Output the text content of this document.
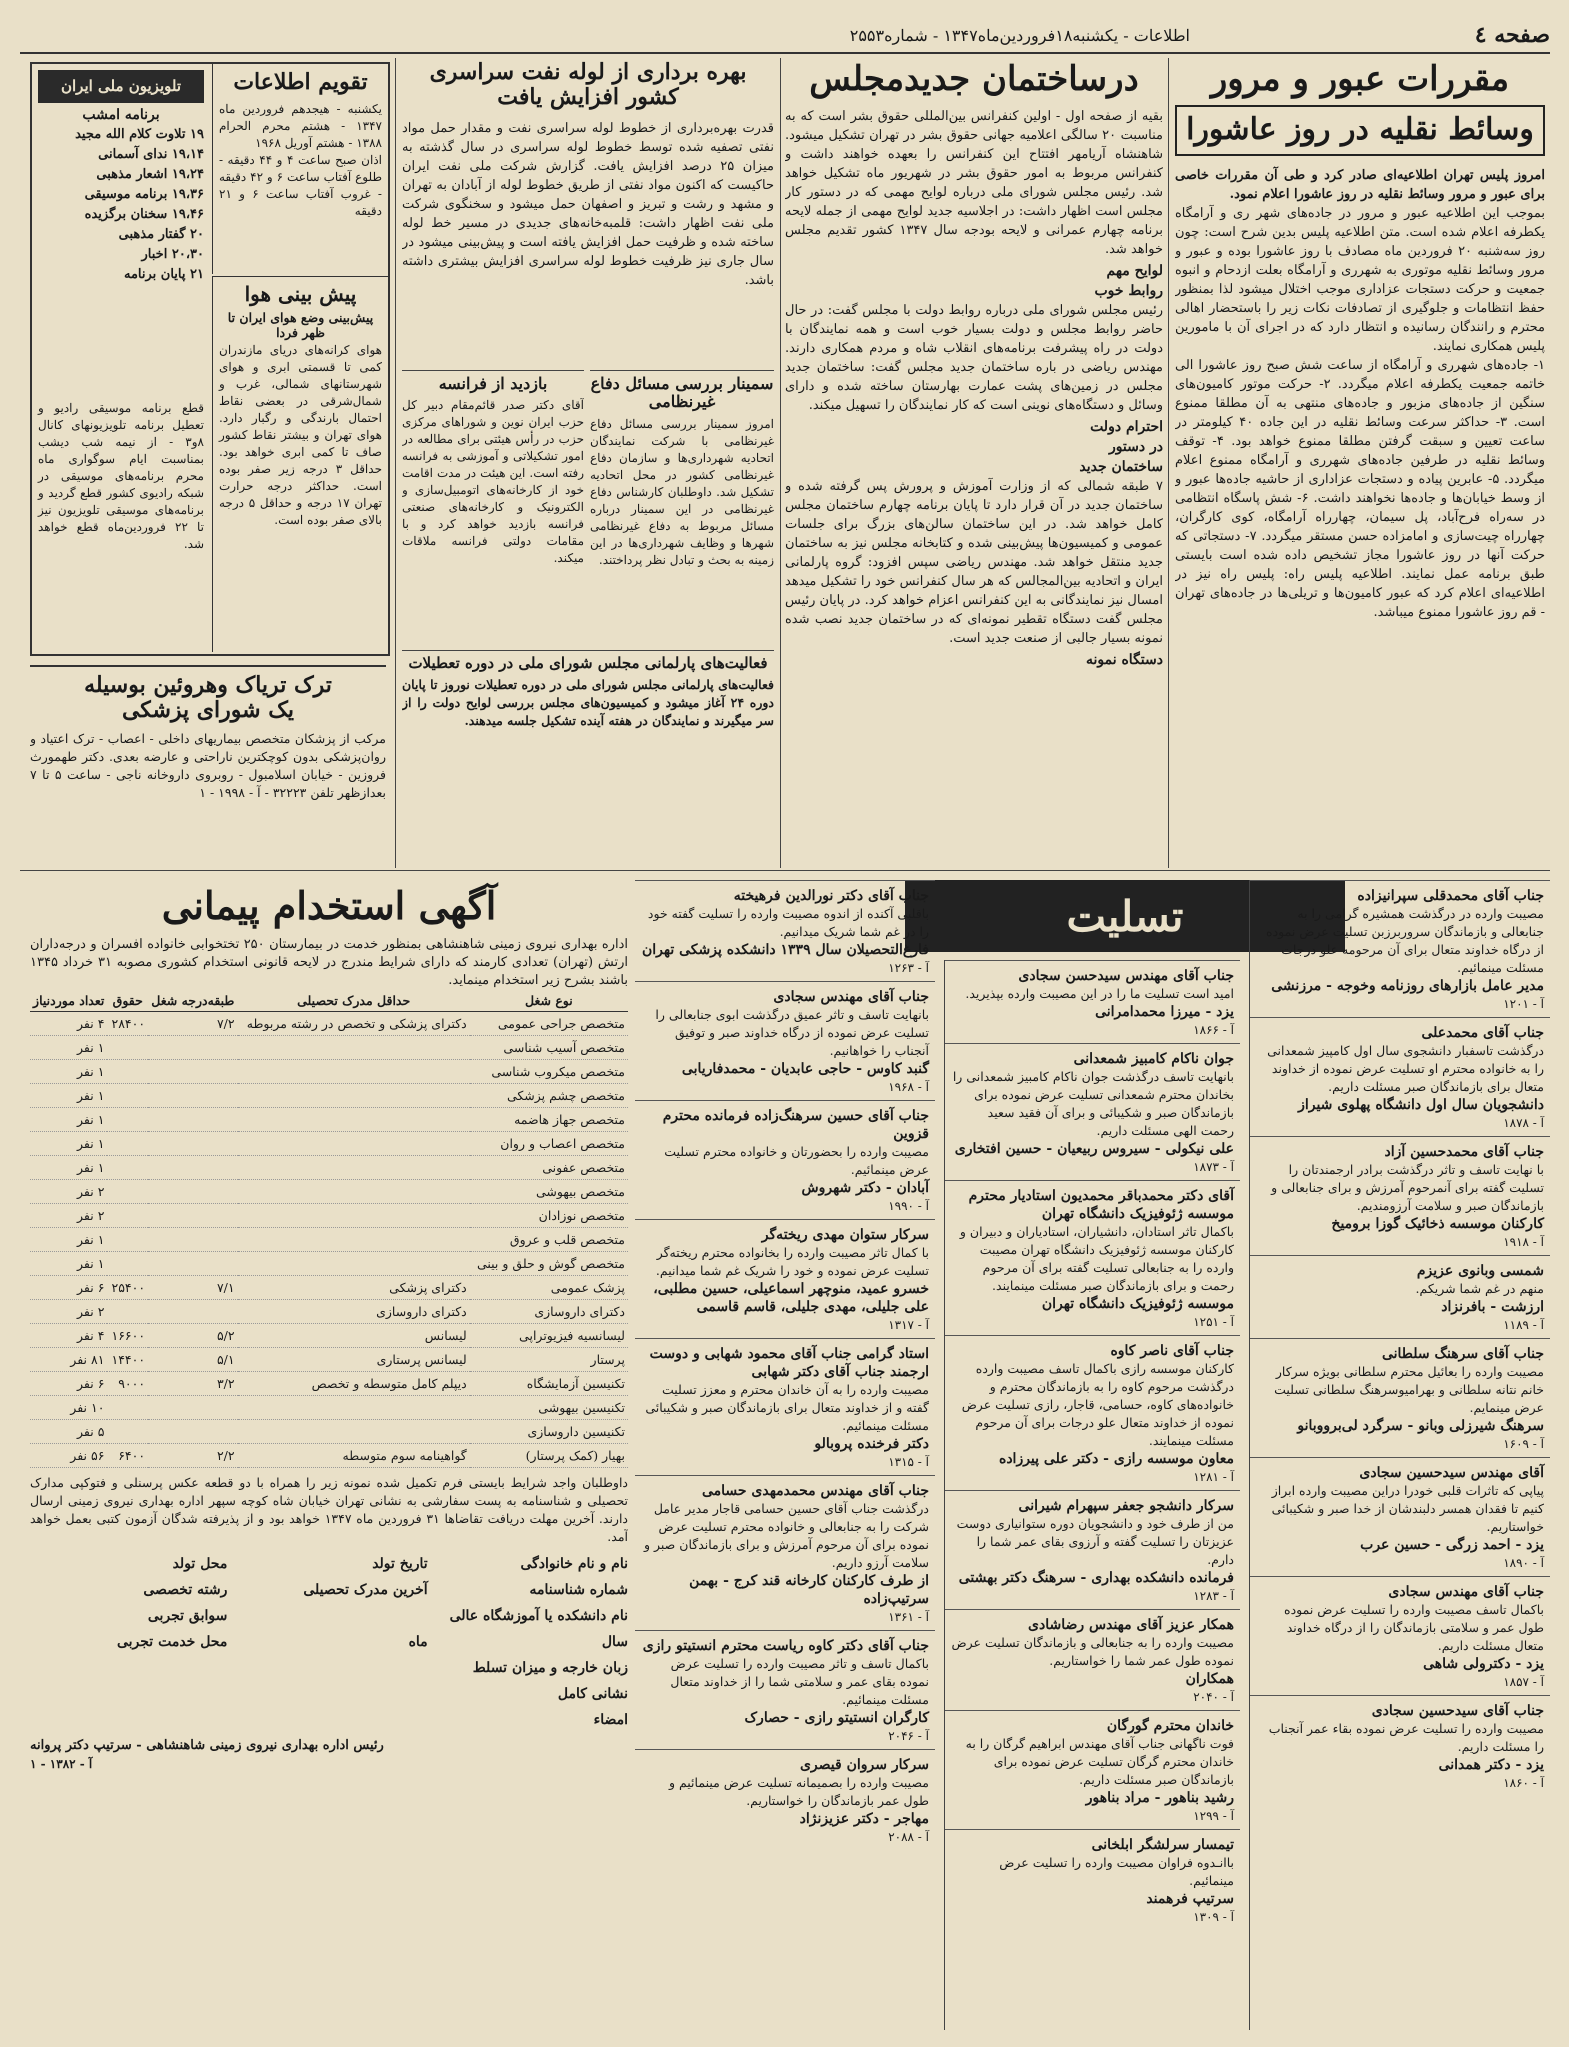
صفحه ٤
اطلاعات - یکشنبه۱۸فروردین‌ماه۱۳۴۷ - شماره۲۵۵۳
مقررات عبور و مرور
وسائط نقلیه در روز عاشورا
امروز پلیس تهران اطلاعیه‌ای صادر کرد و طی آن مقررات خاصی برای عبور و مرور وسائط نقلیه در روز عاشورا اعلام نمود.
بموجب این اطلاعیه عبور و مرور در جاده‌های شهر ری و آرامگاه یکطرفه اعلام شده است. متن اطلاعیه پلیس بدین شرح است: چون روز سه‌شنبه ۲۰ فروردین ماه مصادف با روز عاشورا بوده و عبور و مرور وسائط نقلیه موتوری به شهرری و آرامگاه بعلت ازدحام و انبوه جمعیت و حرکت دستجات عزاداری موجب اختلال میشود لذا بمنظور حفظ انتظامات و جلوگیری از تصادفات نکات زیر را باستحضار اهالی محترم و رانندگان رسانیده و انتظار دارد که در اجرای آن با مامورین پلیس همکاری نمایند.
۱- جاده‌های شهرری و آرامگاه از ساعت شش صبح روز عاشورا الی خاتمه جمعیت یکطرفه اعلام میگردد. ۲- حرکت موتور کامیون‌های سنگین از جاده‌های مزبور و جاده‌های منتهی به آن مطلقا ممنوع است. ۳- حداکثر سرعت وسائط نقلیه در این جاده ۴۰ کیلومتر در ساعت تعیین و سبقت گرفتن مطلقا ممنوع خواهد بود. ۴- توقف وسائط نقلیه در طرفین جاده‌های شهرری و آرامگاه ممنوع اعلام میگردد. ۵- عابرین پیاده و دستجات عزاداری از حاشیه جاده‌ها عبور و از وسط خیابان‌ها و جاده‌ها نخواهند داشت. ۶- شش پاسگاه انتظامی در سه‌راه فرح‌آباد، پل سیمان، چهارراه آرامگاه، کوی کارگران، چهارراه چیت‌سازی و امامزاده حسن مستقر میگردد. ۷- دستجاتی که حرکت آنها در روز عاشورا مجاز تشخیص داده شده است بایستی طبق برنامه عمل نمایند. اطلاعیه پلیس راه: پلیس راه نیز در اطلاعیه‌ای اعلام کرد که عبور کامیون‌ها و تریلی‌ها در جاده‌های تهران - قم روز عاشورا ممنوع میباشد.
درساختمان جدیدمجلس
بقیه از صفحه اول - اولین کنفرانس بین‌المللی حقوق بشر است که به مناسبت ۲۰ سالگی اعلامیه جهانی حقوق بشر در تهران تشکیل میشود. شاهنشاه آریامهر افتتاح این کنفرانس را بعهده خواهند داشت و کنفرانس مربوط به امور حقوق بشر در شهریور ماه تشکیل خواهد شد. رئیس مجلس شورای ملی درباره لوایح مهمی که در دستور کار مجلس است اظهار داشت: در اجلاسیه جدید لوایح مهمی از جمله لایحه برنامه چهارم عمرانی و لایحه بودجه سال ۱۳۴۷ کشور تقدیم مجلس خواهد شد.
لوایح مهم
روابط خوب
رئیس مجلس شورای ملی درباره روابط دولت با مجلس گفت: در حال حاضر روابط مجلس و دولت بسیار خوب است و همه نمایندگان با دولت در راه پیشرفت برنامه‌های انقلاب شاه و مردم همکاری دارند. مهندس ریاضی در باره ساختمان جدید مجلس گفت: ساختمان جدید مجلس در زمین‌های پشت عمارت بهارستان ساخته شده و دارای وسائل و دستگاه‌های نوینی است که کار نمایندگان را تسهیل میکند.
احترام دولت
در دستور
ساختمان جدید
۷ طبقه شمالی که از وزارت آموزش و پرورش پس گرفته شده و ساختمان جدید در آن قرار دارد تا پایان برنامه چهارم ساختمان مجلس کامل خواهد شد. در این ساختمان سالن‌های بزرگ برای جلسات عمومی و کمیسیون‌ها پیش‌بینی شده و کتابخانه مجلس نیز به ساختمان جدید منتقل خواهد شد. مهندس ریاضی سپس افزود: گروه پارلمانی ایران و اتحادیه بین‌المجالس که هر سال کنفرانس خود را تشکیل میدهد امسال نیز نمایندگانی به این کنفرانس اعزام خواهد کرد. در پایان رئیس مجلس گفت دستگاه تقطیر نمونه‌ای که در ساختمان جدید نصب شده نمونه بسیار جالبی از صنعت جدید است.
دستگاه نمونه
بهره برداری از لوله نفت سراسری کشور افزایش یافت
قدرت بهره‌برداری از خطوط لوله سراسری نفت و مقدار حمل مواد نفتی تصفیه شده توسط خطوط لوله سراسری در سال گذشته به میزان ۲۵ درصد افزایش یافت. گزارش شرکت ملی نفت ایران حاکیست که اکنون مواد نفتی از طریق خطوط لوله از آبادان به تهران و مشهد و رشت و تبریز و اصفهان حمل میشود و سخنگوی شرکت ملی نفت اظهار داشت: قلمبه‌خانه‌های جدیدی در مسیر خط لوله ساخته شده و ظرفیت حمل افزایش یافته است و پیش‌بینی میشود در سال جاری نیز ظرفیت خطوط لوله سراسری افزایش بیشتری داشته باشد.
سمینار بررسی مسائل دفاع غیرنظامی
امروز سمینار بررسی مسائل دفاع غیرنظامی با شرکت نمایندگان اتحادیه شهرداری‌ها و سازمان دفاع غیرنظامی کشور در محل اتحادیه تشکیل شد. داوطلبان کارشناس دفاع غیرنظامی در این سمینار درباره مسائل مربوط به دفاع غیرنظامی شهرها و وظایف شهرداری‌ها در این زمینه به بحث و تبادل نظر پرداختند.
بازدید از فرانسه
آقای دکتر صدر قائم‌مقام دبیر کل حزب ایران نوین و شوراهای مرکزی حزب در رأس هیئتی برای مطالعه در امور تشکیلاتی و آموزشی به فرانسه رفته است. این هیئت در مدت اقامت خود از کارخانه‌های اتومبیل‌سازی و الکترونیک و کارخانه‌های صنعتی فرانسه بازدید خواهد کرد و با مقامات دولتی فرانسه ملاقات میکند.
فعالیت‌های پارلمانی مجلس شورای ملی در دوره تعطیلات
فعالیت‌های پارلمانی مجلس شورای ملی در دوره تعطیلات نوروز تا پایان دوره ۲۴ آغاز میشود و کمیسیون‌های مجلس بررسی لوایح دولت را از سر میگیرند و نمایندگان در هفته آینده تشکیل جلسه میدهند.
تقویم اطلاعات
یکشنبه - هیجدهم فروردین ماه ۱۳۴۷ - هشتم محرم الحرام ۱۳۸۸ - هشتم آوریل ۱۹۶۸
اذان صبح ساعت ۴ و ۴۴ دقیقه - طلوع آفتاب ساعت ۶ و ۴۲ دقیقه - غروب آفتاب ساعت ۶ و ۲۱ دقیقه
تلویزیون ملی ایران
برنامه امشب
۱۹ تلاوت کلام الله مجید
۱۹،۱۴ ندای آسمانی
۱۹،۲۴ اشعار مذهبی
۱۹،۳۶ برنامه موسیقی
۱۹،۴۶ سخنان برگزیده
۲۰ گفتار مذهبی
۲۰،۳۰ اخبار
۲۱ پایان برنامه
قطع برنامه موسیقی رادیو و تعطیل برنامه تلویزیونهای کانال ۸و۳ - از نیمه شب دیشب بمناسبت ایام سوگواری ماه محرم برنامه‌های موسیقی در شبکه رادیوی کشور قطع گردید و برنامه‌های موسیقی تلویزیون نیز تا ۲۲ فروردین‌ماه قطع خواهد شد.
پیش بینی هوا
پیش‌بینی وضع هوای ایران تا ظهر فردا
هوای کرانه‌های دریای مازندران کمی تا قسمتی ابری و هوای شهرستانهای شمالی، غرب و شمال‌شرقی در بعضی نقاط احتمال بارندگی و رگبار دارد. هوای تهران و بیشتر نقاط کشور صاف تا کمی ابری خواهد بود. حداقل ۳ درجه زیر صفر بوده است. حداکثر درجه حرارت تهران ۱۷ درجه و حداقل ۵ درجه بالای صفر بوده است.
ترک تریاک وهروئین بوسیله
یک شورای پزشکی
مرکب از پزشکان متخصص بیماریهای داخلی - اعصاب - ترک اعتیاد و روان‌پزشکی بدون کوچکترین ناراحتی و عارضه بعدی. دکتر طهمورث فروزین - خیابان اسلامبول - روبروی داروخانه ناجی - ساعت ۵ تا ۷ بعدازظهر تلفن ۳۲۲۲۳ - آ - ۱۹۹۸ - ۱
تسلیت	جناب آقای محمدقلی سپرانیزاده
مصیبت وارده در درگذشت همشیره گرامی را به جنابعالی و بازماندگان سروربرزبن تسلیت عرض نموده از درگاه خداوند متعال برای آن مرحومه علو درجات مسئلت مینمائیم.
مدیر عامل بازارهای روزنامه وخوجه - مرزنشی
آ - ۱۲۰۱
جناب آقای محمدعلی
درگذشت تاسفبار دانشجوی سال اول کامپیز شمعدانی را به خانواده محترم او تسلیت عرض نموده از خداوند متعال برای بازماندگان صبر مسئلت داریم.
دانشجویان سال اول دانشگاه پهلوی شیراز
آ - ۱۸۷۸
جناب آقای محمدحسین آزاد
با نهایت تاسف و تاثر درگذشت برادر ارجمندتان را تسلیت گفته برای آنمرحوم آمرزش و برای جنابعالی و بازماندگان صبر و سلامت آرزومندیم.
کارکنان موسسه ذخائیک گوزا برومیخ
آ - ۱۹۱۸
شمسی وبانوی عزیزم
منهم در غم شما شریکم.
ارزشت - بافرنزاد
آ - ۱۱۸۹
جناب آقای سرهنگ سلطانی
مصیبت وارده را بعائیل محترم سلطانی بویژه سرکار خانم نتانه سلطانی و بهرامیوسرهنگ سلطانی تسلیت عرض مینمایم.
سرهنگ شیرزلی وبانو - سرگرد لی‌برووبانو
آ - ۱۶۰۹
آقای مهندس سیدحسین سجادی
پیاپی که تاثرات قلبی خودرا دراین مصیبت وارده ابراز کنیم تا فقدان همسر دلبندشان از خدا صبر و شکیبائی خواستاریم.
یزد - احمد زرگی - حسین عرب
آ - ۱۸۹۰
جناب آقای مهندس سجادی
باکمال تاسف مصیبت وارده را تسلیت عرض نموده طول عمر و سلامتی بازماندگان را از درگاه خداوند متعال مسئلت داریم.
یزد - دکترولی شاهی
آ - ۱۸۵۷
جناب آقای سیدحسین سجادی
مصیبت وارده را تسلیت عرض نموده بقاء عمر آنجناب را مسئلت داریم.
یزد - دکتر همدانی
آ - ۱۸۶۰
جناب آقای مهندس سیدحسن سجادی
امید است تسلیت ما را در این مصیبت وارده بپذیرید.
یزد - میرزا محمدامرانی
آ - ۱۸۶۶
جوان ناکام کامبیز شمعدانی
بانهایت تاسف درگذشت جوان ناکام کامبیز شمعدانی را بخاندان محترم شمعدانی تسلیت عرض نموده برای بازماندگان صبر و شکیبائی و برای آن فقید سعید رحمت الهی مسئلت داریم.
علی نیکولی - سیروس ربیعیان - حسین افتخاری
آ - ۱۸۷۳
آقای دکتر محمدباقر محمدیون استادیار محترم موسسه ژئوفیزیک دانشگاه تهران
باکمال تاثر استادان، دانشیاران، استادیاران و دبیران و کارکنان موسسه ژئوفیزیک دانشگاه تهران مصیبت وارده را به جنابعالی تسلیت گفته برای آن مرحوم رحمت و برای بازماندگان صبر مسئلت مینمایند.
موسسه ژئوفیزیک دانشگاه تهران
آ - ۱۲۵۱
جناب آقای ناصر کاوه
کارکنان موسسه رازی باکمال تاسف مصیبت وارده درگذشت مرحوم کاوه را به بازماندگان محترم و خانواده‌های کاوه، حسامی، قاجار، رازی تسلیت عرض نموده از خداوند متعال علو درجات برای آن مرحوم مسئلت مینمایند.
معاون موسسه رازی - دکتر علی پیرزاده
آ - ۱۲۸۱
سرکار دانشجو جعفر سپهرام شیرانی
من از طرف خود و دانشجویان دوره ستوانیاری دوست عزیزتان را تسلیت گفته و آرزوی بقای عمر شما را دارم.
فرمانده دانشکده بهداری - سرهنگ دکتر بهشتی
آ - ۱۲۸۳
همکار عزیز آقای مهندس رضاشادی
مصیبت وارده را به جنابعالی و بازماندگان تسلیت عرض نموده طول عمر شما را خواستاریم.
همکاران
آ - ۲۰۴۰
خاندان محترم گورگان
فوت ناگهانی جناب آقای مهندس ابراهیم گرگان را به خاندان محترم گرگان تسلیت عرض نموده برای بازماندگان صبر مسئلت داریم.
رشید بناهور - مراد بناهور
آ - ۱۲۹۹
تیمسار سرلشگر ابلخانی
باانـدوه فراوان مصیبت وارده را تسلیت عرض مینمائیم.
سرتیپ فرهمند
آ - ۱۳۰۹
جناب آقای دکتر نورالدین فرهیخته
باقلبی آکنده از اندوه مصیبت وارده را تسلیت گفته خود را در غم شما شریک میدانیم.
فارغ‌التحصیلان سال ۱۳۳۹ دانشکده پزشکی تهران
آ - ۱۲۶۳
جناب آقای مهندس سجادی
بانهایت تاسف و تاثر عمیق درگذشت ابوی جنابعالی را تسلیت عرض نموده از درگاه خداوند صبر و توفیق آنجناب را خواهانیم.
گنبد کاوس - حاجی عابدیان - محمدفاریابی
آ - ۱۹۶۸
جناب آقای حسین سرهنگ‌زاده فرمانده محترم قزوین
مصیبت وارده را بحضورتان و خانواده محترم تسلیت عرض مینمائیم.
آبادان - دکتر شهروش
آ - ۱۹۹۰
سرکار ستوان مهدی ریخته‌گر
با کمال تاثر مصیبت وارده را بخانواده محترم ریخته‌گر تسلیت عرض نموده و خود را شریک غم شما میدانیم.
خسرو عمید، منوچهر اسماعیلی، حسین مطلبی، علی جلیلی، مهدی جلیلی، قاسم قاسمی
آ - ۱۳۱۷
استاد گرامی جناب آقای محمود شهابی و دوست ارجمند جناب آقای دکتر شهابی
مصیبت وارده را به آن خاندان محترم و معزز تسلیت گفته و از خداوند متعال برای بازماندگان صبر و شکیبائی مسئلت مینمائیم.
دکتر فرخنده پروبالو
آ - ۱۳۱۵
جناب آقای مهندس محمدمهدی حسامی
درگذشت جناب آقای حسین حسامی قاجار مدیر عامل شرکت را به جنابعالی و خانواده محترم تسلیت عرض نموده برای آن مرحوم آمرزش و برای بازماندگان صبر و سلامت آرزو داریم.
از طرف کارکنان کارخانه قند کرج - بهمن سرتیپ‌زاده
آ - ۱۳۶۱
جناب آقای دکتر کاوه ریاست محترم انستیتو رازی
باکمال تاسف و تاثر مصیبت وارده را تسلیت عرض نموده بقای عمر و سلامتی شما را از خداوند متعال مسئلت مینمائیم.
کارگران انستیتو رازی - حصارک
آ - ۲۰۴۶
سرکار سروان قیصری
مصیبت وارده را بصمیمانه تسلیت عرض مینمائیم و طول عمر بازماندگان را خواستاریم.
مهاجر - دکتر عزیزنژاد
آ - ۲۰۸۸
آگهی استخدام پیمانی
اداره بهداری نیروی زمینی شاهنشاهی بمنظور خدمت در بیمارستان ۲۵۰ تختخوابی خانواده افسران و درجه‌داران ارتش (تهران) تعدادی کارمند که دارای شرایط مندرج در لایحه قانونی استخدام کشوری مصوبه ۳۱ خرداد ۱۳۴۵ باشند بشرح زیر استخدام مینماید.
نوع شغل	حداقل مدرک تحصیلی	طبقه‌درجه شغل	حقوق	تعداد موردنیاز
متخصص جراحی عمومی	دکترای پزشکی و تخصص در رشته مربوطه	۷/۲	۲۸۴۰۰	۴ نفر
متخصص آسیب شناسی				۱ نفر
متخصص میکروب شناسی				۱ نفر
متخصص چشم پزشکی				۱ نفر
متخصص جهاز هاضمه				۱ نفر
متخصص اعصاب و روان				۱ نفر
متخصص عفونی				۱ نفر
متخصص بیهوشی				۲ نفر
متخصص نوزادان				۲ نفر
متخصص قلب و عروق				۱ نفر
متخصص گوش و حلق و بینی				۱ نفر
پزشک عمومی	دکترای پزشکی	۷/۱	۲۵۴۰۰	۶ نفر
دکترای داروسازی	دکترای داروسازی			۲ نفر
لیسانسیه فیزیوتراپی	لیسانس	۵/۲	۱۶۶۰۰	۴ نفر
پرستار	لیسانس پرستاری	۵/۱	۱۴۴۰۰	۸۱ نفر
تکنیسین آزمایشگاه	دیپلم کامل متوسطه و تخصص	۳/۲	۹۰۰۰	۶ نفر
تکنیسین بیهوشی				۱۰ نفر
تکنیسین داروسازی				۵ نفر
بهیار (کمک پرستار)	گواهینامه سوم متوسطه	۲/۲	۶۴۰۰	۵۶ نفر
داوطلبان واجد شرایط بایستی فرم تکمیل شده نمونه زیر را همراه با دو قطعه عکس پرسنلی و فتوکپی مدارک تحصیلی و شناسنامه به پست سفارشی به نشانی تهران خیابان شاه کوچه سپهر اداره بهداری نیروی زمینی ارسال دارند. آخرین مهلت دریافت تقاضاها ۳۱ فروردین ماه ۱۳۴۷ خواهد بود و از پذیرفته شدگان آزمون کتبی بعمل خواهد آمد.
نام و نام خانوادگی
تاریخ تولد
محل تولد
شماره شناسنامه
آخرین مدرک تحصیلی
رشته تخصصی
نام دانشکده یا آموزشگاه عالی
سوابق تجربی
سال
ماه
محل خدمت تجربی
زبان خارجه و میزان تسلط
نشانی کامل
امضاء
رئیس اداره بهداری نیروی زمینی شاهنشاهی - سرتیپ دکتر پروانه
آ - ۱۳۸۲ - ۱
